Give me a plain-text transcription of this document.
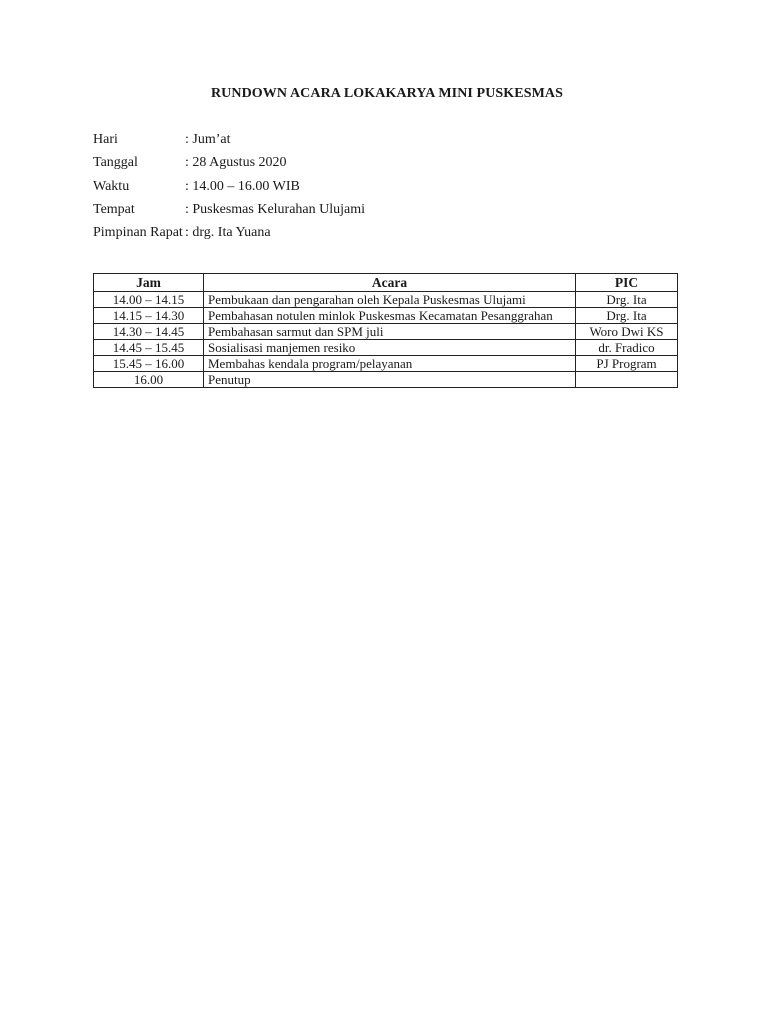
RUNDOWN ACARA LOKAKARYA MINI PUSKESMAS
Hari	: Jum’at
Tanggal	: 28 Agustus 2020
Waktu	: 14.00 – 16.00 WIB
Tempat	: Puskesmas Kelurahan Ulujami
Pimpinan Rapat : drg. Ita Yuana
Jam	Acara	PIC
14.00 – 14.15	Pembukaan dan pengarahan oleh Kepala Puskesmas Ulujami	Drg. Ita
14.15 – 14.30	Pembahasan notulen minlok Puskesmas Kecamatan Pesanggrahan	Drg. Ita
14.30 – 14.45	Pembahasan sarmut dan SPM juli	Woro Dwi KS
14.45 – 15.45	Sosialisasi manjemen resiko	dr. Fradico
15.45 – 16.00	Membahas kendala program/pelayanan	PJ Program
16.00	Penutup	
